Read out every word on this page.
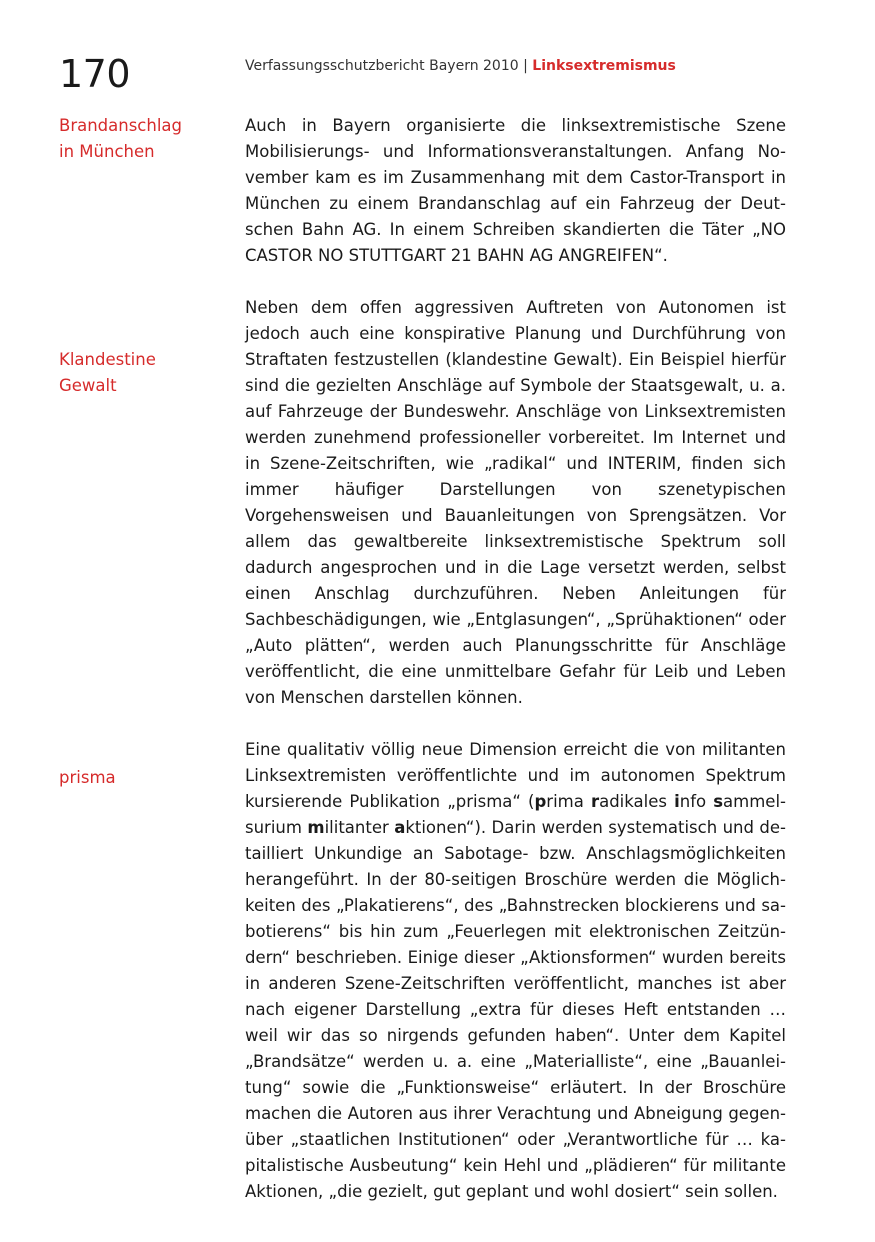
170	Verfassungsschutzbericht Bayern 2010 | Linksextremismus
Brandanschlag
in München
Klandestine
Gewalt
prisma

Auch in Bayern organisierte die linksextremistische Szene Mobilisierungs- und Informationsveranstaltungen. Anfang November kam es im Zusammenhang mit dem Castor-Transport in München zu einem Brandanschlag auf ein Fahrzeug der Deutschen Bahn AG. In einem Schreiben skandierten die Täter „NO CASTOR NO STUTTGART 21 BAHN AG ANGREIFEN“.

Neben dem offen aggressiven Auftreten von Autonomen ist jedoch auch eine konspirative Planung und Durchführung von Straftaten festzustellen (klandestine Gewalt). Ein Beispiel hierfür sind die gezielten Anschläge auf Symbole der Staatsgewalt, u. a. auf Fahrzeuge der Bundeswehr. Anschläge von Linksextremisten werden zunehmend professioneller vorbereitet. Im Internet und in Szene-Zeitschriften, wie „radikal“ und INTERIM, finden sich immer häufiger Darstellungen von szenetypischen Vorgehensweisen und Bauanleitungen von Sprengsätzen. Vor allem das gewaltbereite linksextremistische Spektrum soll dadurch angesprochen und in die Lage versetzt werden, selbst einen Anschlag durchzuführen. Neben Anleitungen für Sachbeschädigungen, wie „Entglasungen“, „Sprühaktionen“ oder „Auto plätten“, werden auch Planungsschritte für Anschläge veröffentlicht, die eine unmittelbare Gefahr für Leib und Leben von Menschen darstellen können.

Eine qualitativ völlig neue Dimension erreicht die von militanten Linksextremisten veröffentlichte und im autonomen Spektrum kursierende Publikation „prisma“ (prima radikales info sammelsurium militanter aktionen“). Darin werden systematisch und detailliert Unkundige an Sabotage- bzw. Anschlagsmöglichkeiten herangeführt. In der 80-seitigen Broschüre werden die Möglichkeiten des „Plakatierens“, des „Bahnstrecken blockierens und sabotierens“ bis hin zum „Feuerlegen mit elektronischen Zeitzündern“ beschrieben. Einige dieser „Aktionsformen“ wurden bereits in anderen Szene-Zeitschriften veröffentlicht, manches ist aber nach eigener Darstellung „extra für dieses Heft entstanden … weil wir das so nirgends gefunden haben“. Unter dem Kapitel „Brandsätze“ werden u. a. eine „Materialliste“, eine „Bauanleitung“ sowie die „Funktionsweise“ erläutert. In der Broschüre machen die Autoren aus ihrer Verachtung und Abneigung gegenüber „staatlichen Institutionen“ oder „Verantwortliche für … kapitalistische Ausbeutung“ kein Hehl und „plädieren“ für militante Aktionen, „die gezielt, gut geplant und wohl dosiert“ sein sollen.
